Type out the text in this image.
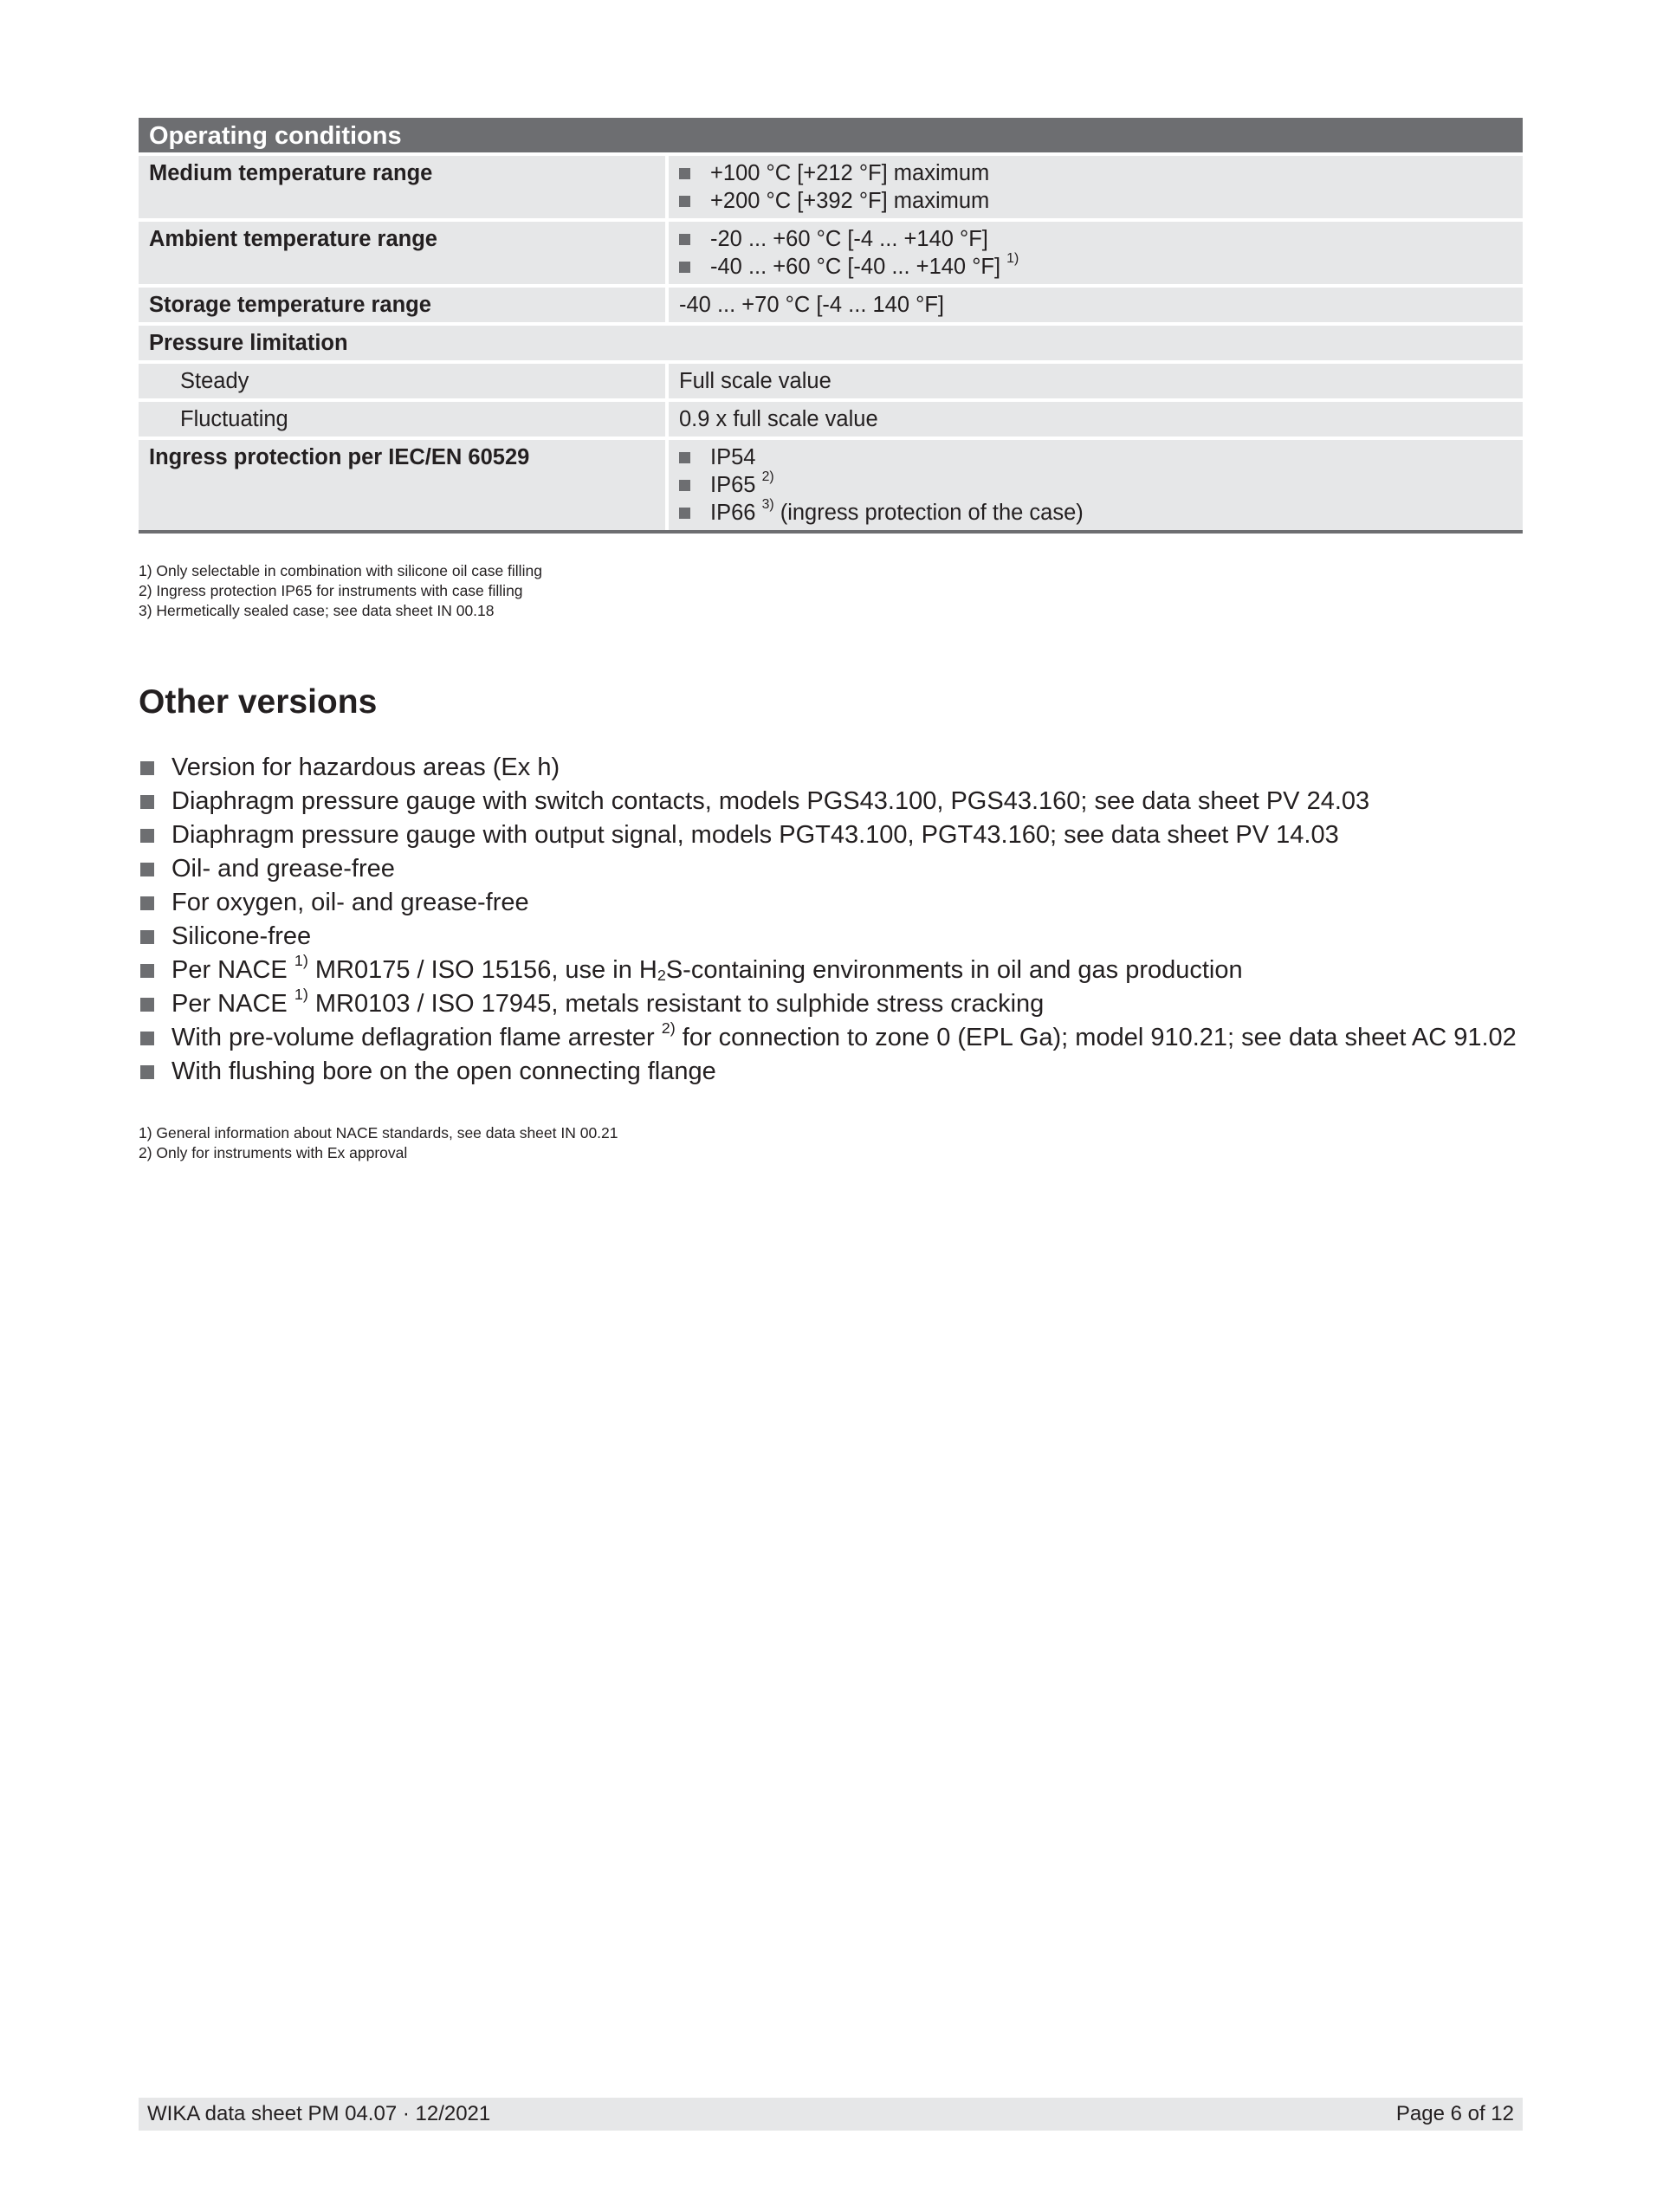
Operating conditions
Medium temperature range	+100 °C [+212 °F] maximum
+200 °C [+392 °F] maximum
Ambient temperature range	-20 ... +60 °C [-4 ... +140 °F]
-40 ... +60 °C [-40 ... +140 °F]
$^{1)}$
Storage temperature range	-40 ... +70 °C [-4 ... 140 °F]
Pressure limitation
Steady	Full scale value
Fluctuating	0.9 x full scale value
Ingress protection per IEC/EN 60529	IP54
IP65
$^{2)}$
IP66
$^{3)}$
(ingress protection of the case)
1) Only selectable in combination with silicone oil case filling
2) Ingress protection IP65 for instruments with case filling
3) Hermetically sealed case; see data sheet IN 00.18
Other versions
Version for hazardous areas (Ex h)
Diaphragm pressure gauge with switch contacts, models PGS43.100, PGS43.160; see data sheet PV 24.03
Diaphragm pressure gauge with output signal, models PGT43.100, PGT43.160; see data sheet PV 14.03
Oil- and grease-free
For oxygen, oil- and grease-free
Silicone-free
Per NACE
$^{1)}$
MR0175 / ISO 15156, use in $H_2$ S-containing environments in oil and gas production
Per NACE
$^{1)}$
MR0103 / ISO 17945, metals resistant to sulphide stress cracking
With pre-volume deflagration flame arrester
$^{2)}$
for connection to zone 0 (EPL Ga); model 910.21; see data sheet AC 91.02
With flushing bore on the open connecting flange
1) General information about NACE standards, see data sheet IN 00.21
2) Only for instruments with Ex approval
WIKA data sheet PM 04.07 · 12/2021	Page 6 of 12
